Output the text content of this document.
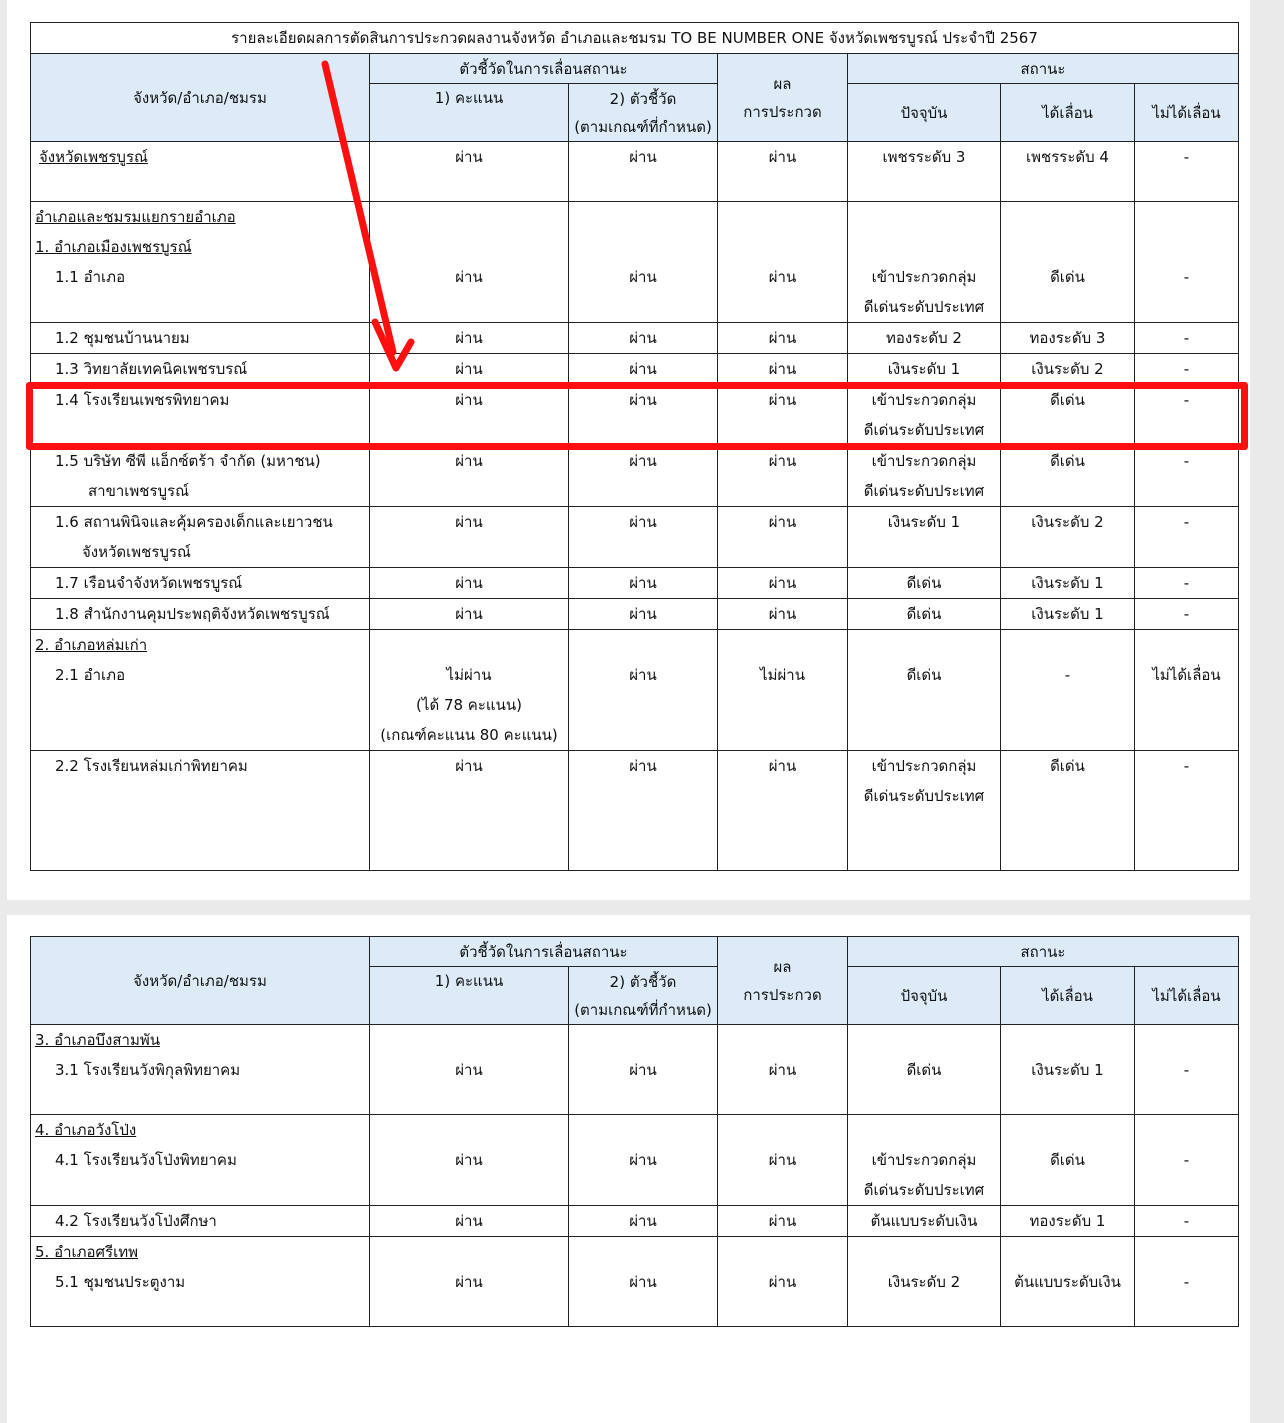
รายละเอียดผลการตัดสินการประกวดผลงานจังหวัด อำเภอและชมรม TO BE NUMBER ONE จังหวัดเพชรบูรณ์ ประจำปี 2567						
จังหวัด/อำเภอ/ชมรม	ตัวชี้วัดในการเลื่อนสถานะ		ผล
การประกวด	สถานะ		
	1) คะแนน	2) ตัวชี้วัด
(ตามเกณฑ์ที่กำหนด)		ปัจจุบัน	ได้เลื่อน	ไม่ได้เลื่อน
จังหวัดเพชรบูรณ์	ผ่าน	ผ่าน	ผ่าน	เพชรระดับ 3	เพชรระดับ 4	-

อำเภอและชมรมแยกรายอำเภอ
1. อำเภอเมืองเพชรบูรณ์
1.1 อำเภอ	ผ่าน	ผ่าน	ผ่าน	เข้าประกวดกลุ่ม
ดีเด่นระดับประเทศ	ดีเด่น	-
1.2 ชุมชนบ้านนายม	ผ่าน	ผ่าน	ผ่าน	ทองระดับ 2	ทองระดับ 3	-
1.3 วิทยาลัยเทคนิคเพชรบรณ์	ผ่าน	ผ่าน	ผ่าน	เงินระดับ 1	เงินระดับ 2	-
1.4 โรงเรียนเพชรพิทยาคม	ผ่าน	ผ่าน	ผ่าน	เข้าประกวดกลุ่ม
ดีเด่นระดับประเทศ	ดีเด่น	-

1.5 บริษัท ซีพี แอ็กซ์ตร้า จำกัด (มหาชน)
สาขาเพชรบูรณ์	ผ่าน	ผ่าน	ผ่าน	เข้าประกวดกลุ่ม
ดีเด่นระดับประเทศ	ดีเด่น	-

1.6 สถานพินิจและคุ้มครองเด็กและเยาวชน
จังหวัดเพชรบูรณ์	ผ่าน	ผ่าน	ผ่าน	เงินระดับ 1	เงินระดับ 2	-
1.7 เรือนจำจังหวัดเพชรบูรณ์	ผ่าน	ผ่าน	ผ่าน	ดีเด่น	เงินระดับ 1	-
1.8 สำนักงานคุมประพฤติจังหวัดเพชรบูรณ์	ผ่าน	ผ่าน	ผ่าน	ดีเด่น	เงินระดับ 1	-

2. อำเภอหล่มเก่า
2.1 อำเภอ	ไม่ผ่าน
(ได้ 78 คะแนน)
(เกณฑ์คะแนน 80 คะแนน)	ผ่าน	ไม่ผ่าน	ดีเด่น	-	ไม่ได้เลื่อน
2.2 โรงเรียนหล่มเก่าพิทยาคม	ผ่าน	ผ่าน	ผ่าน	เข้าประกวดกลุ่ม
ดีเด่นระดับประเทศ	ดีเด่น	-
จังหวัด/อำเภอ/ชมรม	ตัวชี้วัดในการเลื่อนสถานะ		ผล
การประกวด	สถานะ		
	1) คะแนน	2) ตัวชี้วัด
(ตามเกณฑ์ที่กำหนด)		ปัจจุบัน	ได้เลื่อน	ไม่ได้เลื่อน

3. อำเภอบึงสามพัน
3.1 โรงเรียนวังพิกุลพิทยาคม	ผ่าน	ผ่าน	ผ่าน	ดีเด่น	เงินระดับ 1	-

4. อำเภอวังโป่ง
4.1 โรงเรียนวังโป่งพิทยาคม	ผ่าน	ผ่าน	ผ่าน	เข้าประกวดกลุ่ม
ดีเด่นระดับประเทศ	ดีเด่น	-
4.2 โรงเรียนวังโป่งศึกษา	ผ่าน	ผ่าน	ผ่าน	ต้นแบบระดับเงิน	ทองระดับ 1	-

5. อำเภอศรีเทพ
5.1 ชุมชนประตูงาม	ผ่าน	ผ่าน	ผ่าน	เงินระดับ 2	ต้นแบบระดับเงิน	-
